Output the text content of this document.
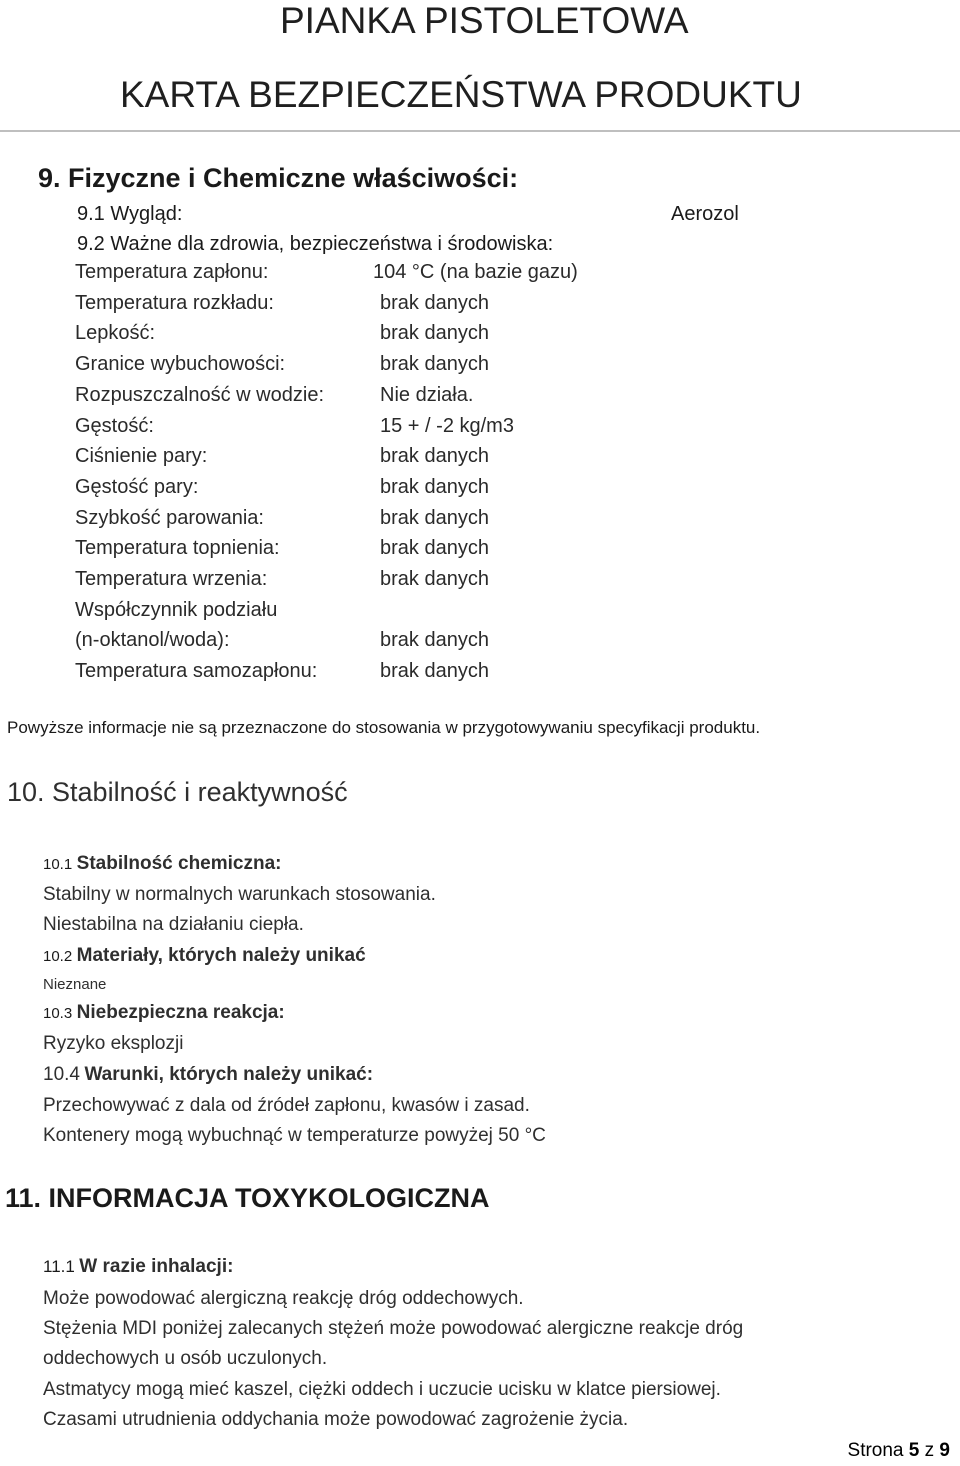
PIANKA PISTOLETOWA
KARTA BEZPIECZEŃSTWA PRODUKTU
9. Fizyczne i Chemiczne właściwości:
9.1 Wygląd:	Aerozol
9.2 Ważne dla zdrowia, bezpieczeństwa i środowiska:
Temperatura zapłonu:	104 °C (na bazie gazu)
Temperatura rozkładu:	brak danych
Lepkość:	brak danych
Granice wybuchowości:	brak danych
Rozpuszczalność w wodzie:	Nie działa.
Gęstość:	15 + / -2 kg/m3
Ciśnienie pary:	brak danych
Gęstość pary:	brak danych
Szybkość parowania:	brak danych
Temperatura topnienia:	brak danych
Temperatura wrzenia:	brak danych
Współczynnik podziału
(n-oktanol/woda):	brak danych
Temperatura samozapłonu:	brak danych
Powyższe informacje nie są przeznaczone do stosowania w przygotowywaniu specyfikacji produktu.
10. Stabilność i reaktywność
10.1 Stabilność chemiczna:
Stabilny w normalnych warunkach stosowania.
Niestabilna na działaniu ciepła.
10.2 Materiały, których należy unikać
Nieznane
10.3 Niebezpieczna reakcja:
Ryzyko eksplozji
10.4 Warunki, których należy unikać:
Przechowywać z dala od źródeł zapłonu, kwasów i zasad.
Kontenery mogą wybuchnąć w temperaturze powyżej 50 °C
11. INFORMACJA TOXYKOLOGICZNA
11.1 W razie inhalacji:
Może powodować alergiczną reakcję dróg oddechowych.
Stężenia MDI poniżej zalecanych stężeń może powodować alergiczne reakcje dróg
oddechowych u osób uczulonych.
Astmatycy mogą mieć kaszel, ciężki oddech i uczucie ucisku w klatce piersiowej.
Czasami utrudnienia oddychania może powodować zagrożenie życia.
Strona 5 z 9
